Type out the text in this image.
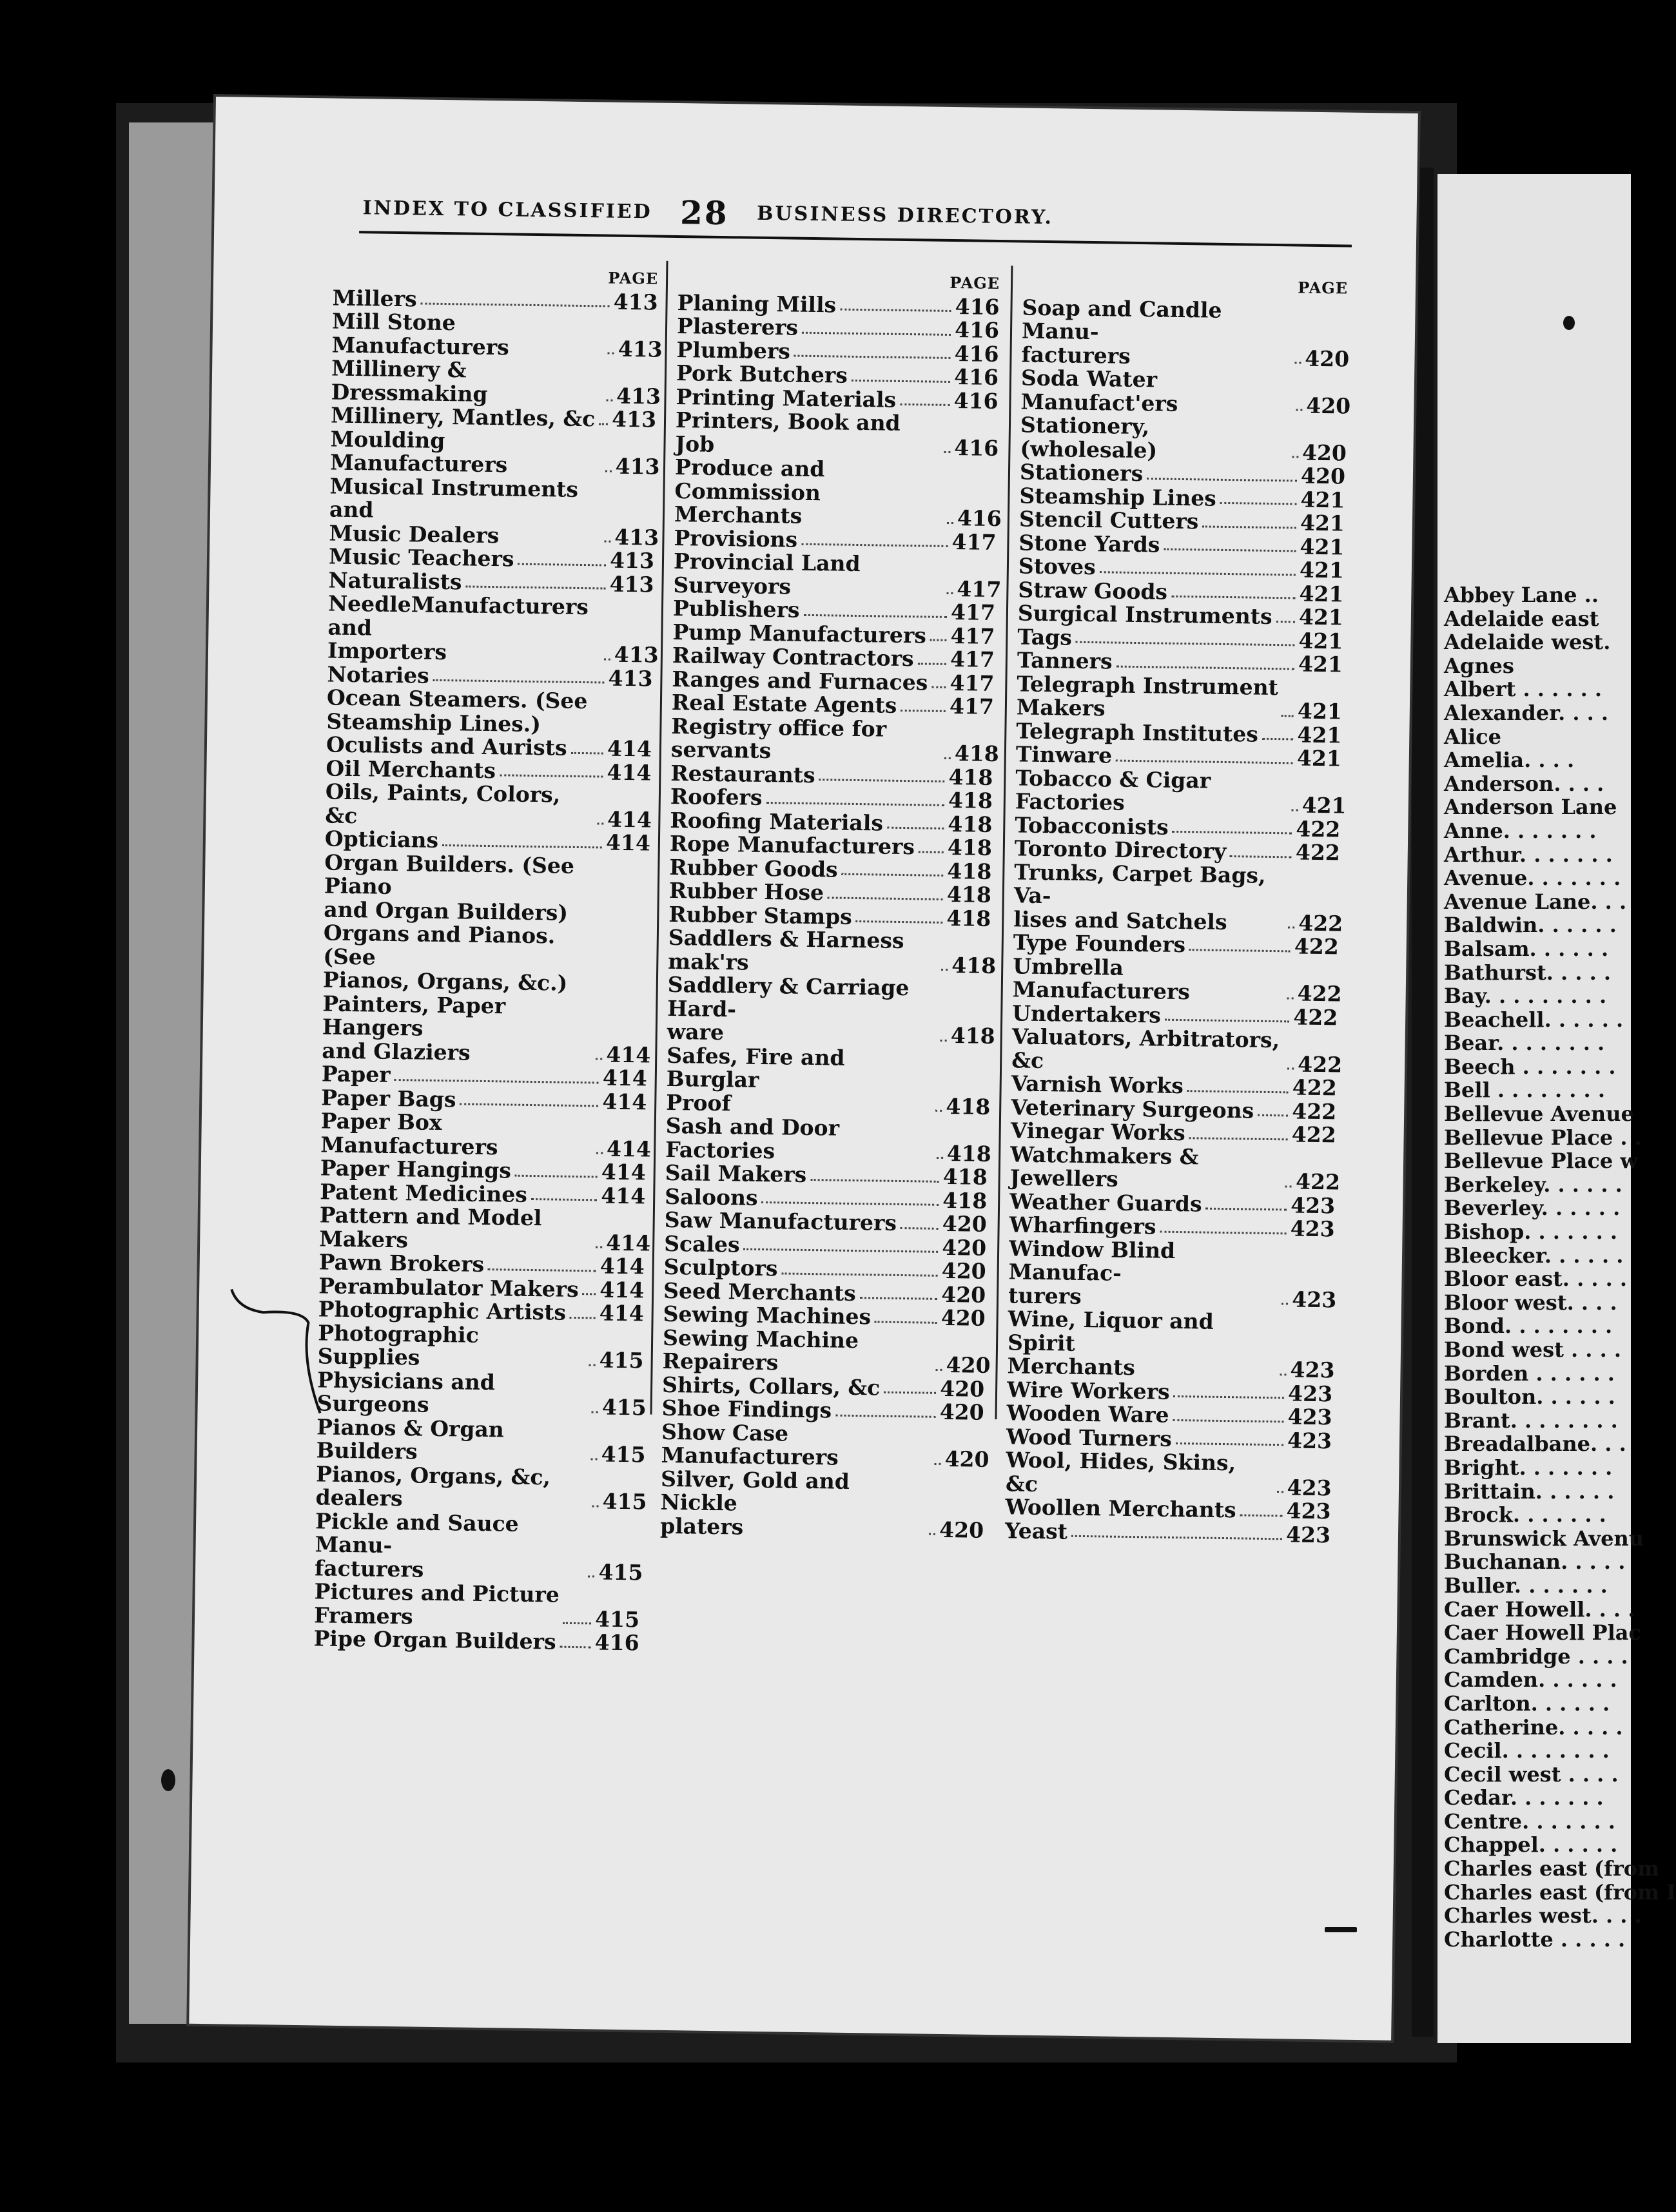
INDEX TO CLASSIFIED 28 BUSINESS DIRECTORY.
PAGE
Millers	413
Mill Stone Manufacturers	413
Millinery & Dressmaking	413
Millinery, Mantles, &c 413
Moulding Manufacturers	413
Musical Instruments and
Music Dealers	413
Music Teachers	413
Naturalists	413
NeedleManufacturers and
Importers	413
Notaries	413
Ocean Steamers. (See
Steamship Lines.)
Oculists and Aurists 414
Oil Merchants	414
Oils, Paints, Colors, &c	414
Opticians	414
Organ Builders. (See Piano
and Organ Builders)
Organs and Pianos. (See
Pianos, Organs, &c.)
Painters, Paper Hangers
and Glaziers	414
Paper	414
Paper Bags	414
Paper Box Manufacturers	414
Paper Hangings	414
Patent Medicines	414
Pattern and Model Makers	414
Pawn Brokers	414
Perambulator Makers 414
Photographic Artists 414
Photographic Supplies	415
Physicians and Surgeons	415
Pianos & Organ Builders	415
Pianos, Organs, &c, dealers	415
Pickle and Sauce Manu-
facturers	415
Pictures and Picture
Framers	415
Pipe Organ Builders 416
PAGE
Planing Mills	416
Plasterers	416
Plumbers	416
Pork Butchers	416
Printing Materials	416
Printers, Book and Job	416
Produce and Commission
Merchants	416
Provisions	417
Provincial Land Surveyors	417
Publishers	417
Pump Manufacturers 417
Railway Contractors 417
Ranges and Furnaces 417
Real Estate Agents 417
Registry office for servants	418
Restaurants	418
Roofers	418
Roofing Materials	418
Rope Manufacturers 418
Rubber Goods	418
Rubber Hose	418
Rubber Stamps	418
Saddlers & Harness mak'rs	418
Saddlery & Carriage Hard-
ware	418
Safes, Fire and Burglar
Proof	418
Sash and Door Factories	418
Sail Makers	418
Saloons	418
Saw Manufacturers 420
Scales	420
Sculptors	420
Seed Merchants	420
Sewing Machines	420
Sewing Machine Repairers	420
Shirts, Collars, &c	420
Shoe Findings	420
Show Case Manufacturers	420
Silver, Gold and Nickle
platers	420
PAGE
Soap and Candle Manu-
facturers	420
Soda Water Manufact'ers	420
Stationery, (wholesale)	420
Stationers	420
Steamship Lines	421
Stencil Cutters	421
Stone Yards	421
Stoves	421
Straw Goods	421
Surgical Instruments 421
Tags	421
Tanners	421
Telegraph Instrument
Makers	421
Telegraph Institutes 421
Tinware	421
Tobacco & Cigar Factories	421
Tobacconists	422
Toronto Directory	422
Trunks, Carpet Bags, Va-
lises and Satchels	422
Type Founders	422
Umbrella Manufacturers	422
Undertakers	422
Valuators, Arbitrators, &c	422
Varnish Works	422
Veterinary Surgeons 422
Vinegar Works	422
Watchmakers & Jewellers	422
Weather Guards	423
Wharfingers	423
Window Blind Manufac-
turers	423
Wine, Liquor and Spirit
Merchants	423
Wire Workers	423
Wooden Ware	423
Wood Turners	423
Wool, Hides, Skins, &c	423
Woollen Merchants 423
Yeast	423
Abbey Lane ..
Adelaide east
Adelaide west.
Agnes
Albert . . . . . .
Alexander. . . .
Alice
Amelia. . . .
Anderson. . . .
Anderson Lane
Anne. . . . . . .
Arthur. . . . . . .
Avenue. . . . . . .
Avenue Lane. . .
Baldwin. . . . . .
Balsam. . . . . .
Bathurst. . . . .
Bay. . . . . . . . .
Beachell. . . . . .
Bear. . . . . . . .
Beech . . . . . . .
Bell . . . . . . . .
Bellevue Avenue
Bellevue Place . .
Bellevue Place w
Berkeley. . . . . .
Beverley. . . . . .
Bishop. . . . . . .
Bleecker. . . . . .
Bloor east. . . . .
Bloor west. . . .
Bond. . . . . . . .
Bond west . . . .
Borden . . . . . .
Boulton. . . . . .
Brant. . . . . . . .
Breadalbane. . .
Bright. . . . . . .
Brittain. . . . . .
Brock. . . . . . .
Brunswick Avenu
Buchanan. . . . .
Buller. . . . . . .
Caer Howell. . . .
Caer Howell Plac
Cambridge . . . .
Camden. . . . . .
Carlton. . . . . .
Catherine. . . . .
Cecil. . . . . . . .
Cecil west . . . .
Cedar. . . . . . .
Centre. . . . . . .
Chappel. . . . . .
Charles east (from
Charles east (from I
Charles west. . . .
Charlotte . . . . .
